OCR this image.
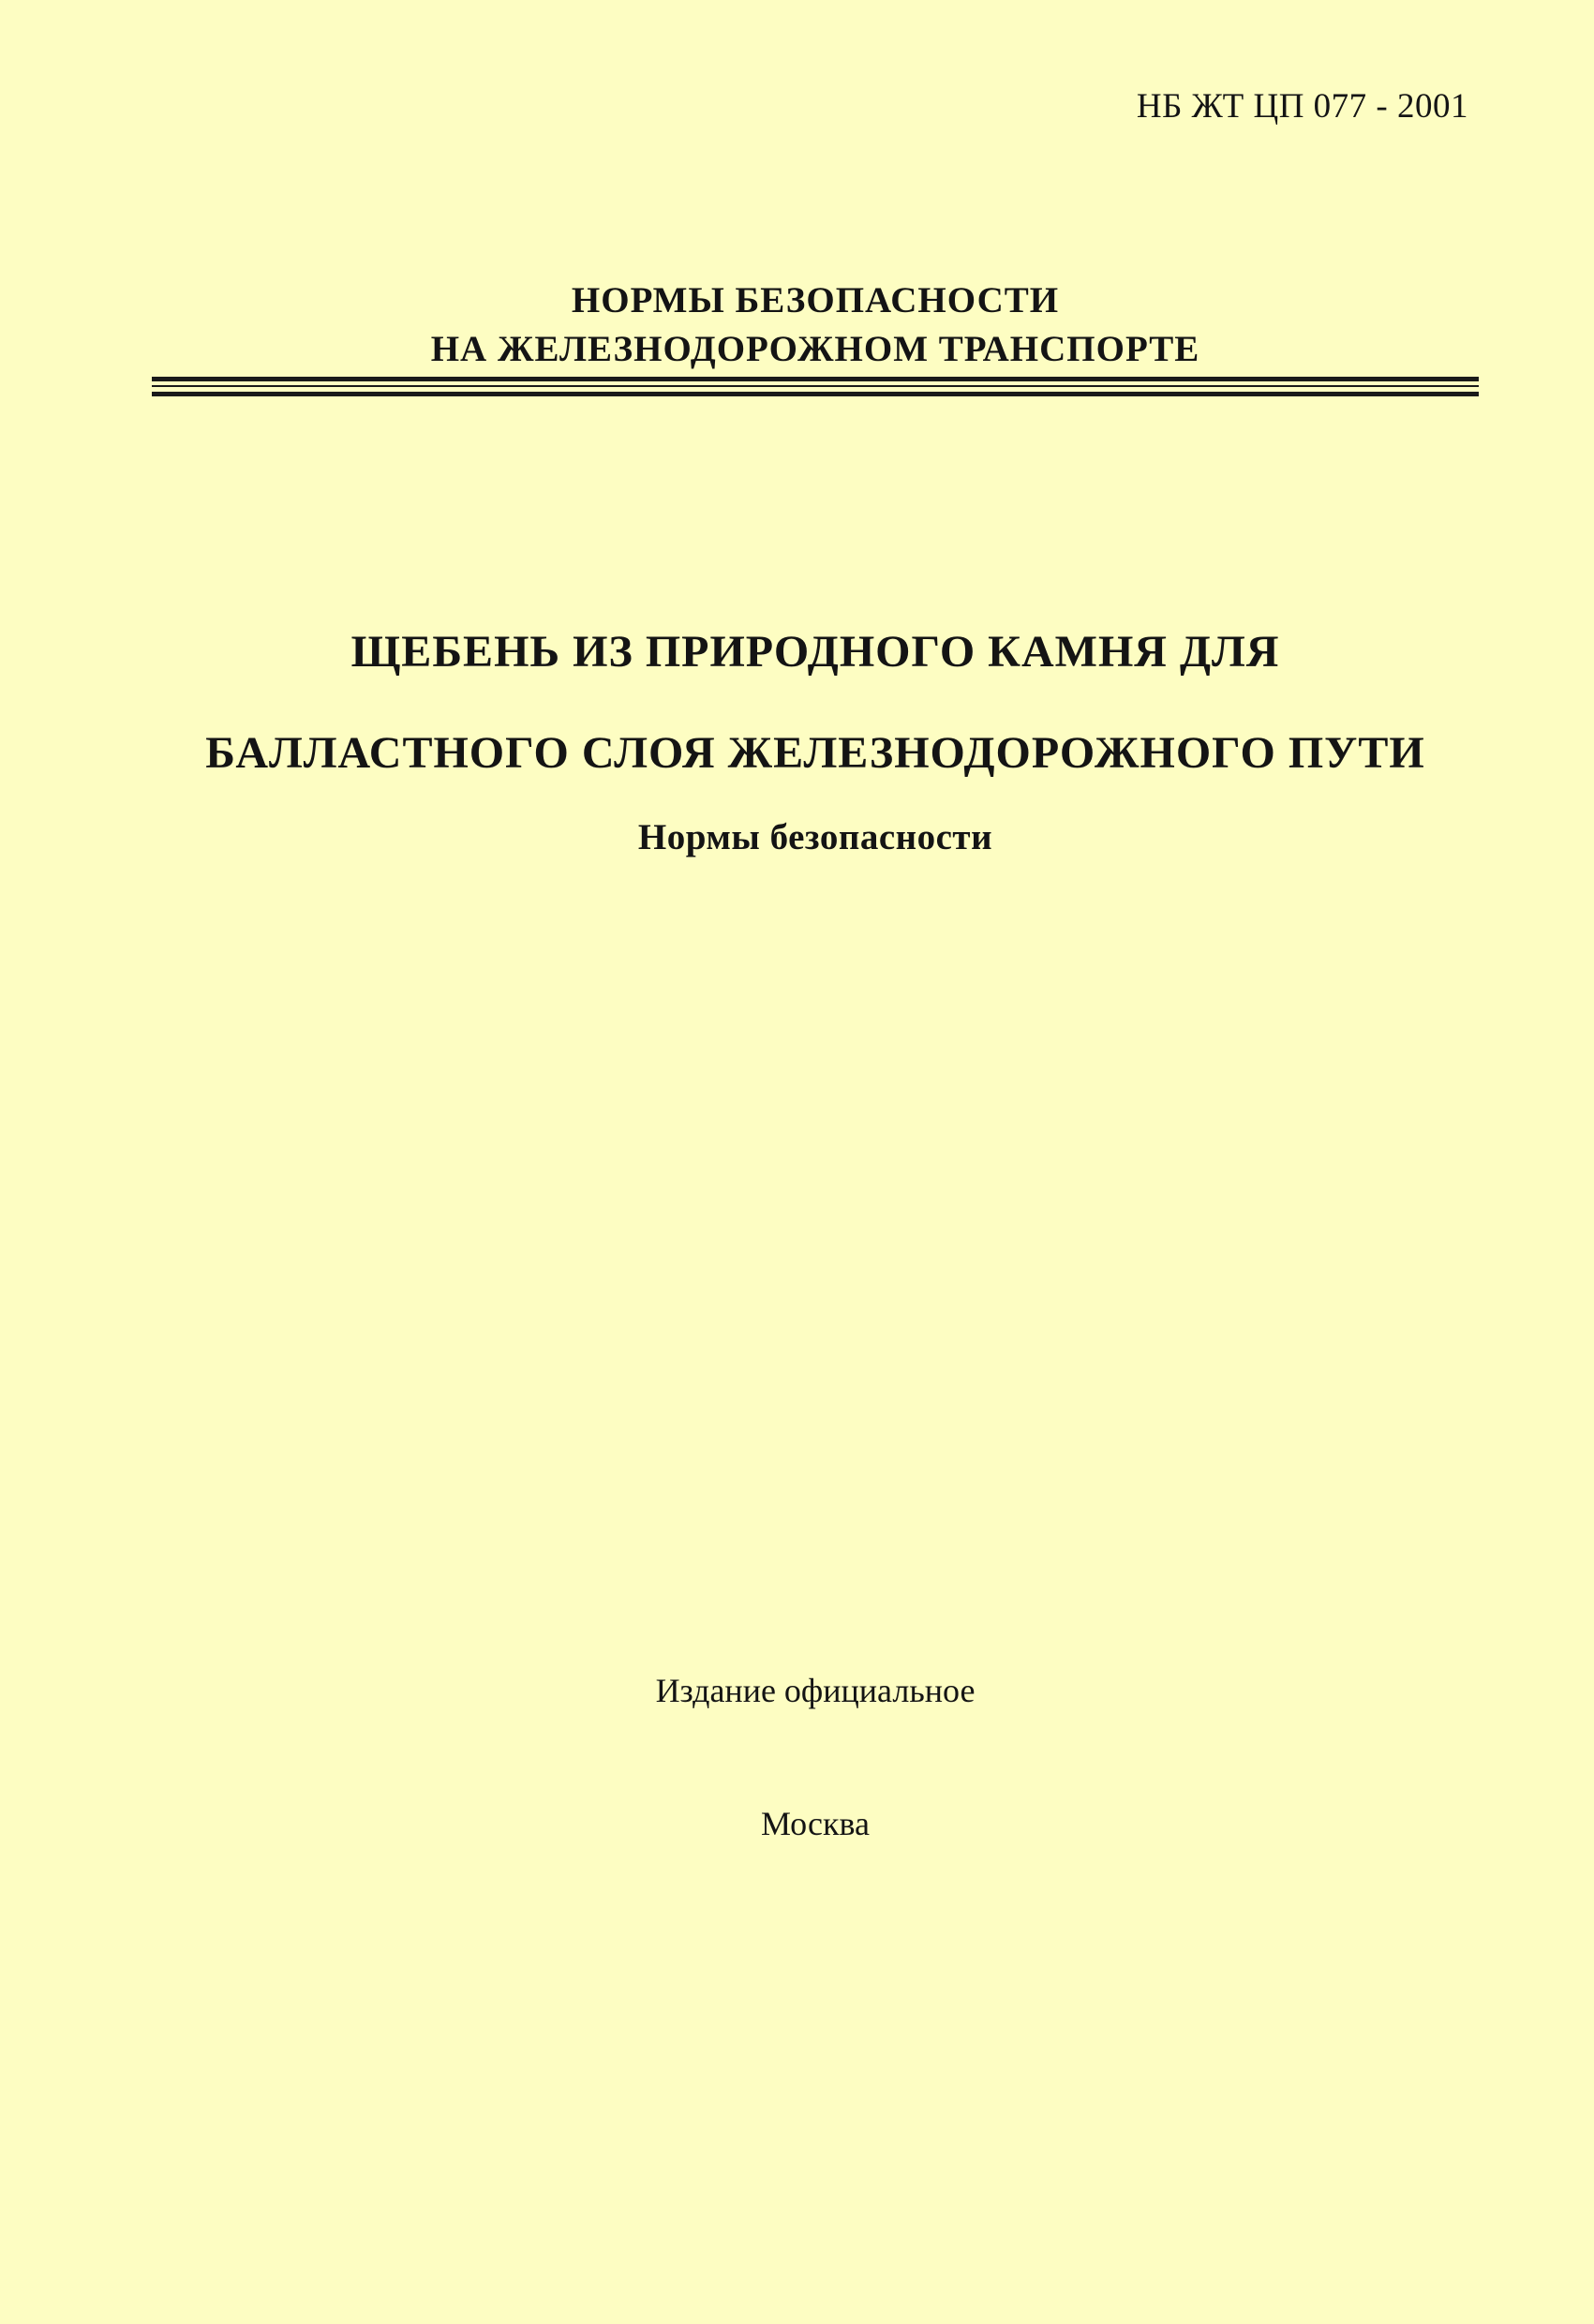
НБ ЖТ ЦП 077 - 2001
НОРМЫ БЕЗОПАСНОСТИ
НА ЖЕЛЕЗНОДОРОЖНОМ ТРАНСПОРТЕ
ЩЕБЕНЬ ИЗ ПРИРОДНОГО КАМНЯ ДЛЯ
БАЛЛАСТНОГО СЛОЯ ЖЕЛЕЗНОДОРОЖНОГО ПУТИ
Нормы безопасности
Издание официальное
Москва
